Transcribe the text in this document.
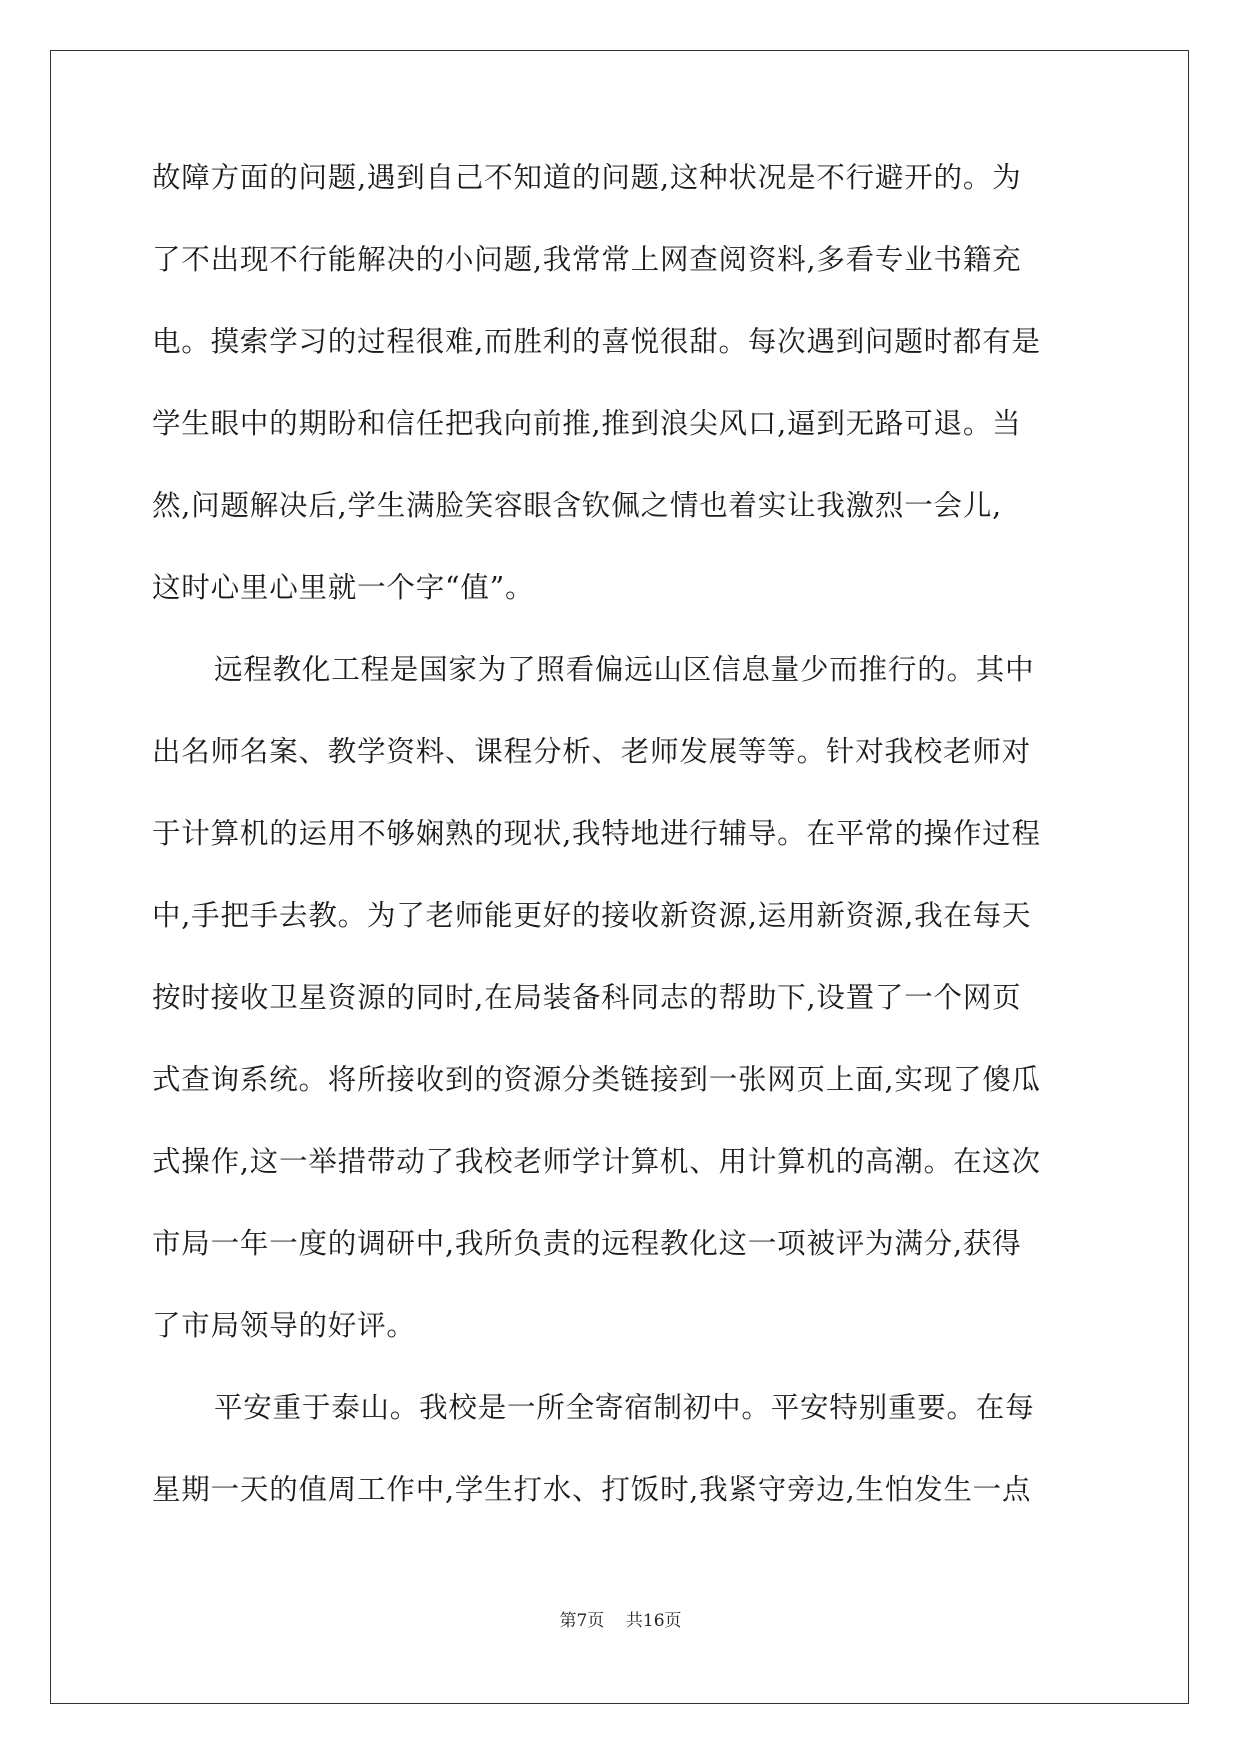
故障方面的问题,遇到自己不知道的问题,这种状况是不行避开的。为
了不出现不行能解决的小问题,我常常上网查阅资料,多看专业书籍充
电。摸索学习的过程很难,而胜利的喜悦很甜。每次遇到问题时都有是
学生眼中的期盼和信任把我向前推,推到浪尖风口,逼到无路可退。当
然,问题解决后,学生满脸笑容眼含钦佩之情也着实让我激烈一会儿,
这时心里心里就一个字“值”。
远程教化工程是国家为了照看偏远山区信息量少而推行的。其中
出名师名案、教学资料、课程分析、老师发展等等。针对我校老师对
于计算机的运用不够娴熟的现状,我特地进行辅导。在平常的操作过程
中,手把手去教。为了老师能更好的接收新资源,运用新资源,我在每天
按时接收卫星资源的同时,在局装备科同志的帮助下,设置了一个网页
式查询系统。将所接收到的资源分类链接到一张网页上面,实现了傻瓜
式操作,这一举措带动了我校老师学计算机、用计算机的高潮。在这次
市局一年一度的调研中,我所负责的远程教化这一项被评为满分,获得
了市局领导的好评。
平安重于泰山。我校是一所全寄宿制初中。平安特别重要。在每
星期一天的值周工作中,学生打水、打饭时,我紧守旁边,生怕发生一点
第7页 共16页
